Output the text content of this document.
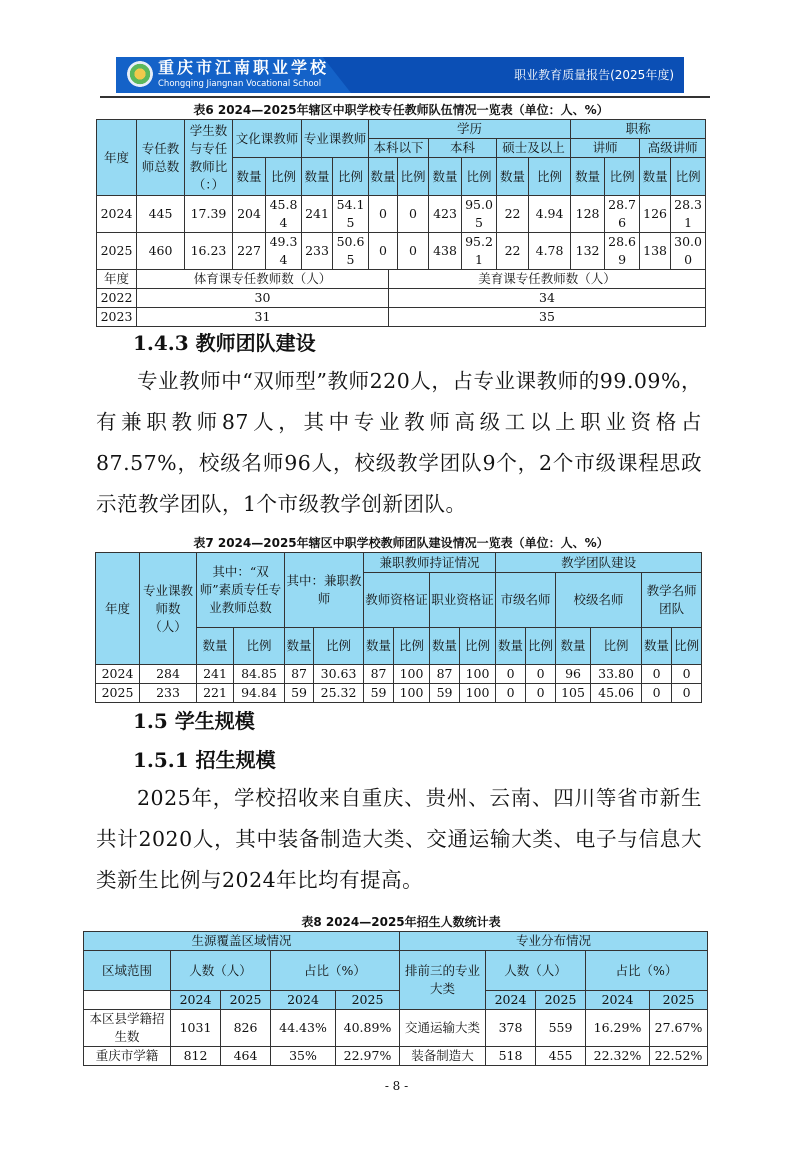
重庆市江南职业学校
Chongqing Jiangnan Vocational School
职业教育质量报告(2025年度)
表6 2024—2025年辖区中职学校专任教师队伍情况一览表（单位：人、%）
年度	专任教师总数	学生数与专任教师比（：）	文化课教师		专业课教师		学历						职称			
							本科以下		本科		硕士及以上		讲师		高级讲师	
			数量	比例	数量	比例	数量	比例	数量	比例	数量	比例	数量	比例	数量	比例
2024	445	17.39	204	45.84	241	54.15	0	0	423	95.05	22	4.94	128	28.76	126	28.31
2025	460	16.23	227	49.34	233	50.65	0	0	438	95.21	22	4.78	132	28.69	138	30.00
年度	体育课专任教师数（人）	美育课专任教师数（人）
2022	30	34
2023	31	35
1.4.3 教师团队建设

专业教师中“双师型”教师220人，占专业课教师的99.09%，有兼职教师87人，其中专业教师高级工以上职业资格占87.57%，校级名师96人，校级教学团队9个，2个市级课程思政示范教学团队，1个市级教学创新团队。

表7 2024—2025年辖区中职学校教师团队建设情况一览表（单位：人、%）
年度	专业课教师数（人）	其中：“双师”素质专任专业教师总数		其中：兼职教师		兼职教师持证情况				教学团队建设					
						教师资格证		职业资格证		市级名师		校级名师		教学名师团队	
		数量	比例	数量	比例	数量	比例	数量	比例	数量	比例	数量	比例	数量	比例
2024	284	241	84.85	87	30.63	87	100	87	100	0	0	96	33.80	0	0
2025	233	221	94.84	59	25.32	59	100	59	100	0	0	105	45.06	0	0
1.5 学生规模
1.5.1 招生规模

2025年，学校招收来自重庆、贵州、云南、四川等省市新生共计2020人，其中装备制造大类、交通运输大类、电子与信息大类新生比例与2024年比均有提高。

表8 2024—2025年招生人数统计表
生源覆盖区域情况					专业分布情况				
区域范围	人数（人）		占比（%）		排前三的专业大类	人数（人）		占比（%）	
	2024	2025	2024	2025		2024	2025	2024	2025
本区县学籍招生数	1031	826	44.43%	40.89%	交通运输大类	378	559	16.29%	27.67%
重庆市学籍	812	464	35%	22.97%	装备制造大	518	455	22.32%	22.52%
- 8 -
